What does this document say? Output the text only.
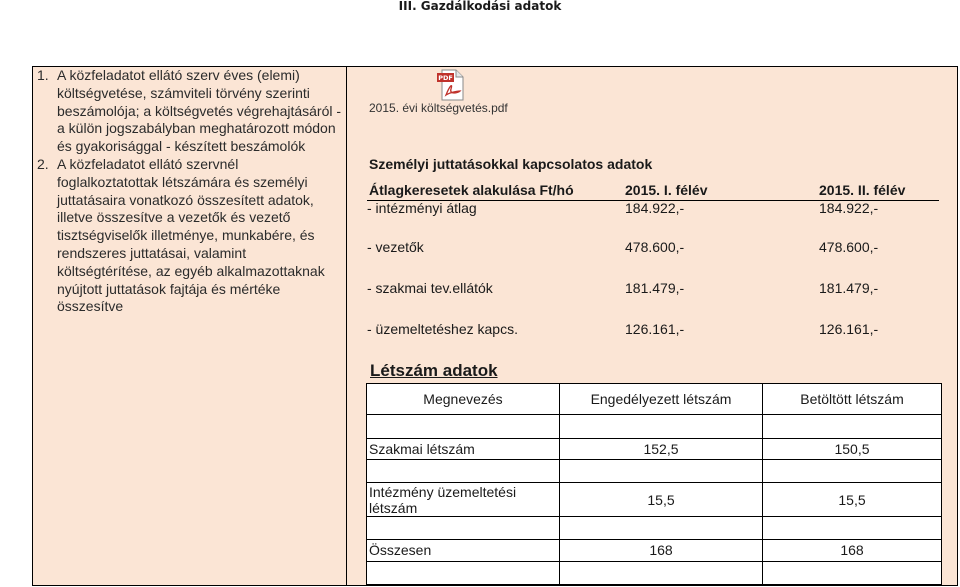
III. Gazdálkodási adatok
1. A közfeladatot ellátó szerv éves (elemi) költségvetése, számviteli törvény szerinti beszámolója; a költségvetés végrehajtásáról - a külön jogszabályban meghatározott módon és gyakorisággal - készített beszámolók
2. A közfeladatot ellátó szervnél foglalkoztatottak létszámára és személyi juttatásaira vonatkozó összesített adatok, illetve összesítve a vezetők és vezető tisztségviselők illetménye, munkabére, és rendszeres juttatásai, valamint költségtérítése, az egyéb alkalmazottaknak nyújtott juttatások fajtája és mértéke összesítve
PDF
2015. évi költségvetés.pdf
Személyi juttatásokkal kapcsolatos adatok
Átlagkeresetek alakulása Ft/hó	2015. I. félév	2015. II. félév
- intézményi átlag	184.922,-	184.922,-
- vezetők	478.600,-	478.600,-
- szakmai tev.ellátók	181.479,-	181.479,-
- üzemeltetéshez kapcs.	126.161,-	126.161,-
Létszám adatok
Megnevezés	Engedélyezett létszám	Betöltött létszám

Szakmai létszám	152,5	150,5

Intézmény üzemeltetési létszám	15,5	15,5

Összesen	168	168
